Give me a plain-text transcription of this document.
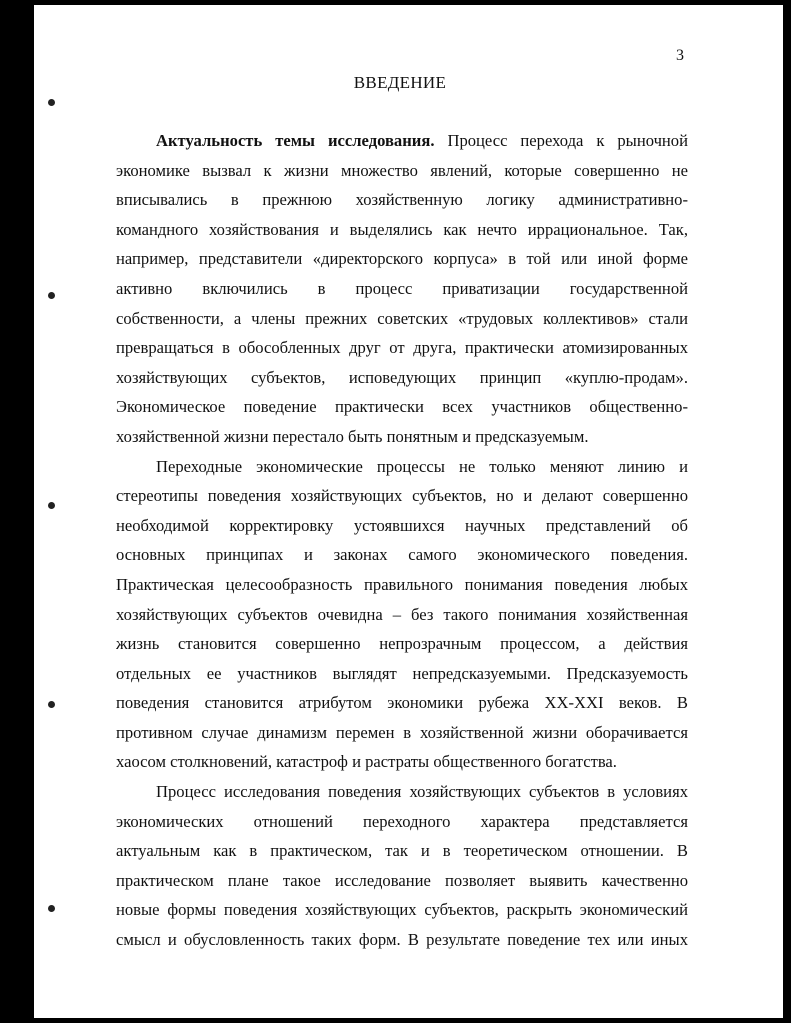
3
ВВЕДЕНИЕ
Актуальность темы исследования. Процесс перехода к рыночной
экономике вызвал к жизни множество явлений, которые совершенно не
вписывались в прежнюю хозяйственную логику административно-
командного хозяйствования и выделялись как нечто иррациональное. Так,
например, представители «директорского корпуса» в той или иной форме
активно включились в процесс приватизации государственной
собственности, а члены прежних советских «трудовых коллективов» стали
превращаться в обособленных друг от друга, практически атомизированных
хозяйствующих субъектов, исповедующих принцип «куплю-продам».
Экономическое поведение практически всех участников общественно-
хозяйственной жизни перестало быть понятным и предсказуемым.
Переходные экономические процессы не только меняют линию и
стереотипы поведения хозяйствующих субъектов, но и делают совершенно
необходимой корректировку устоявшихся научных представлений об
основных принципах и законах самого экономического поведения.
Практическая целесообразность правильного понимания поведения любых
хозяйствующих субъектов очевидна – без такого понимания хозяйственная
жизнь становится совершенно непрозрачным процессом, а действия
отдельных ее участников выглядят непредсказуемыми. Предсказуемость
поведения становится атрибутом экономики рубежа XX-XXI веков. В
противном случае динамизм перемен в хозяйственной жизни оборачивается
хаосом столкновений, катастроф и растраты общественного богатства.
Процесс исследования поведения хозяйствующих субъектов в условиях
экономических отношений переходного характера представляется
актуальным как в практическом, так и в теоретическом отношении. В
практическом плане такое исследование позволяет выявить качественно
новые формы поведения хозяйствующих субъектов, раскрыть экономический
смысл и обусловленность таких форм. В результате поведение тех или иных
